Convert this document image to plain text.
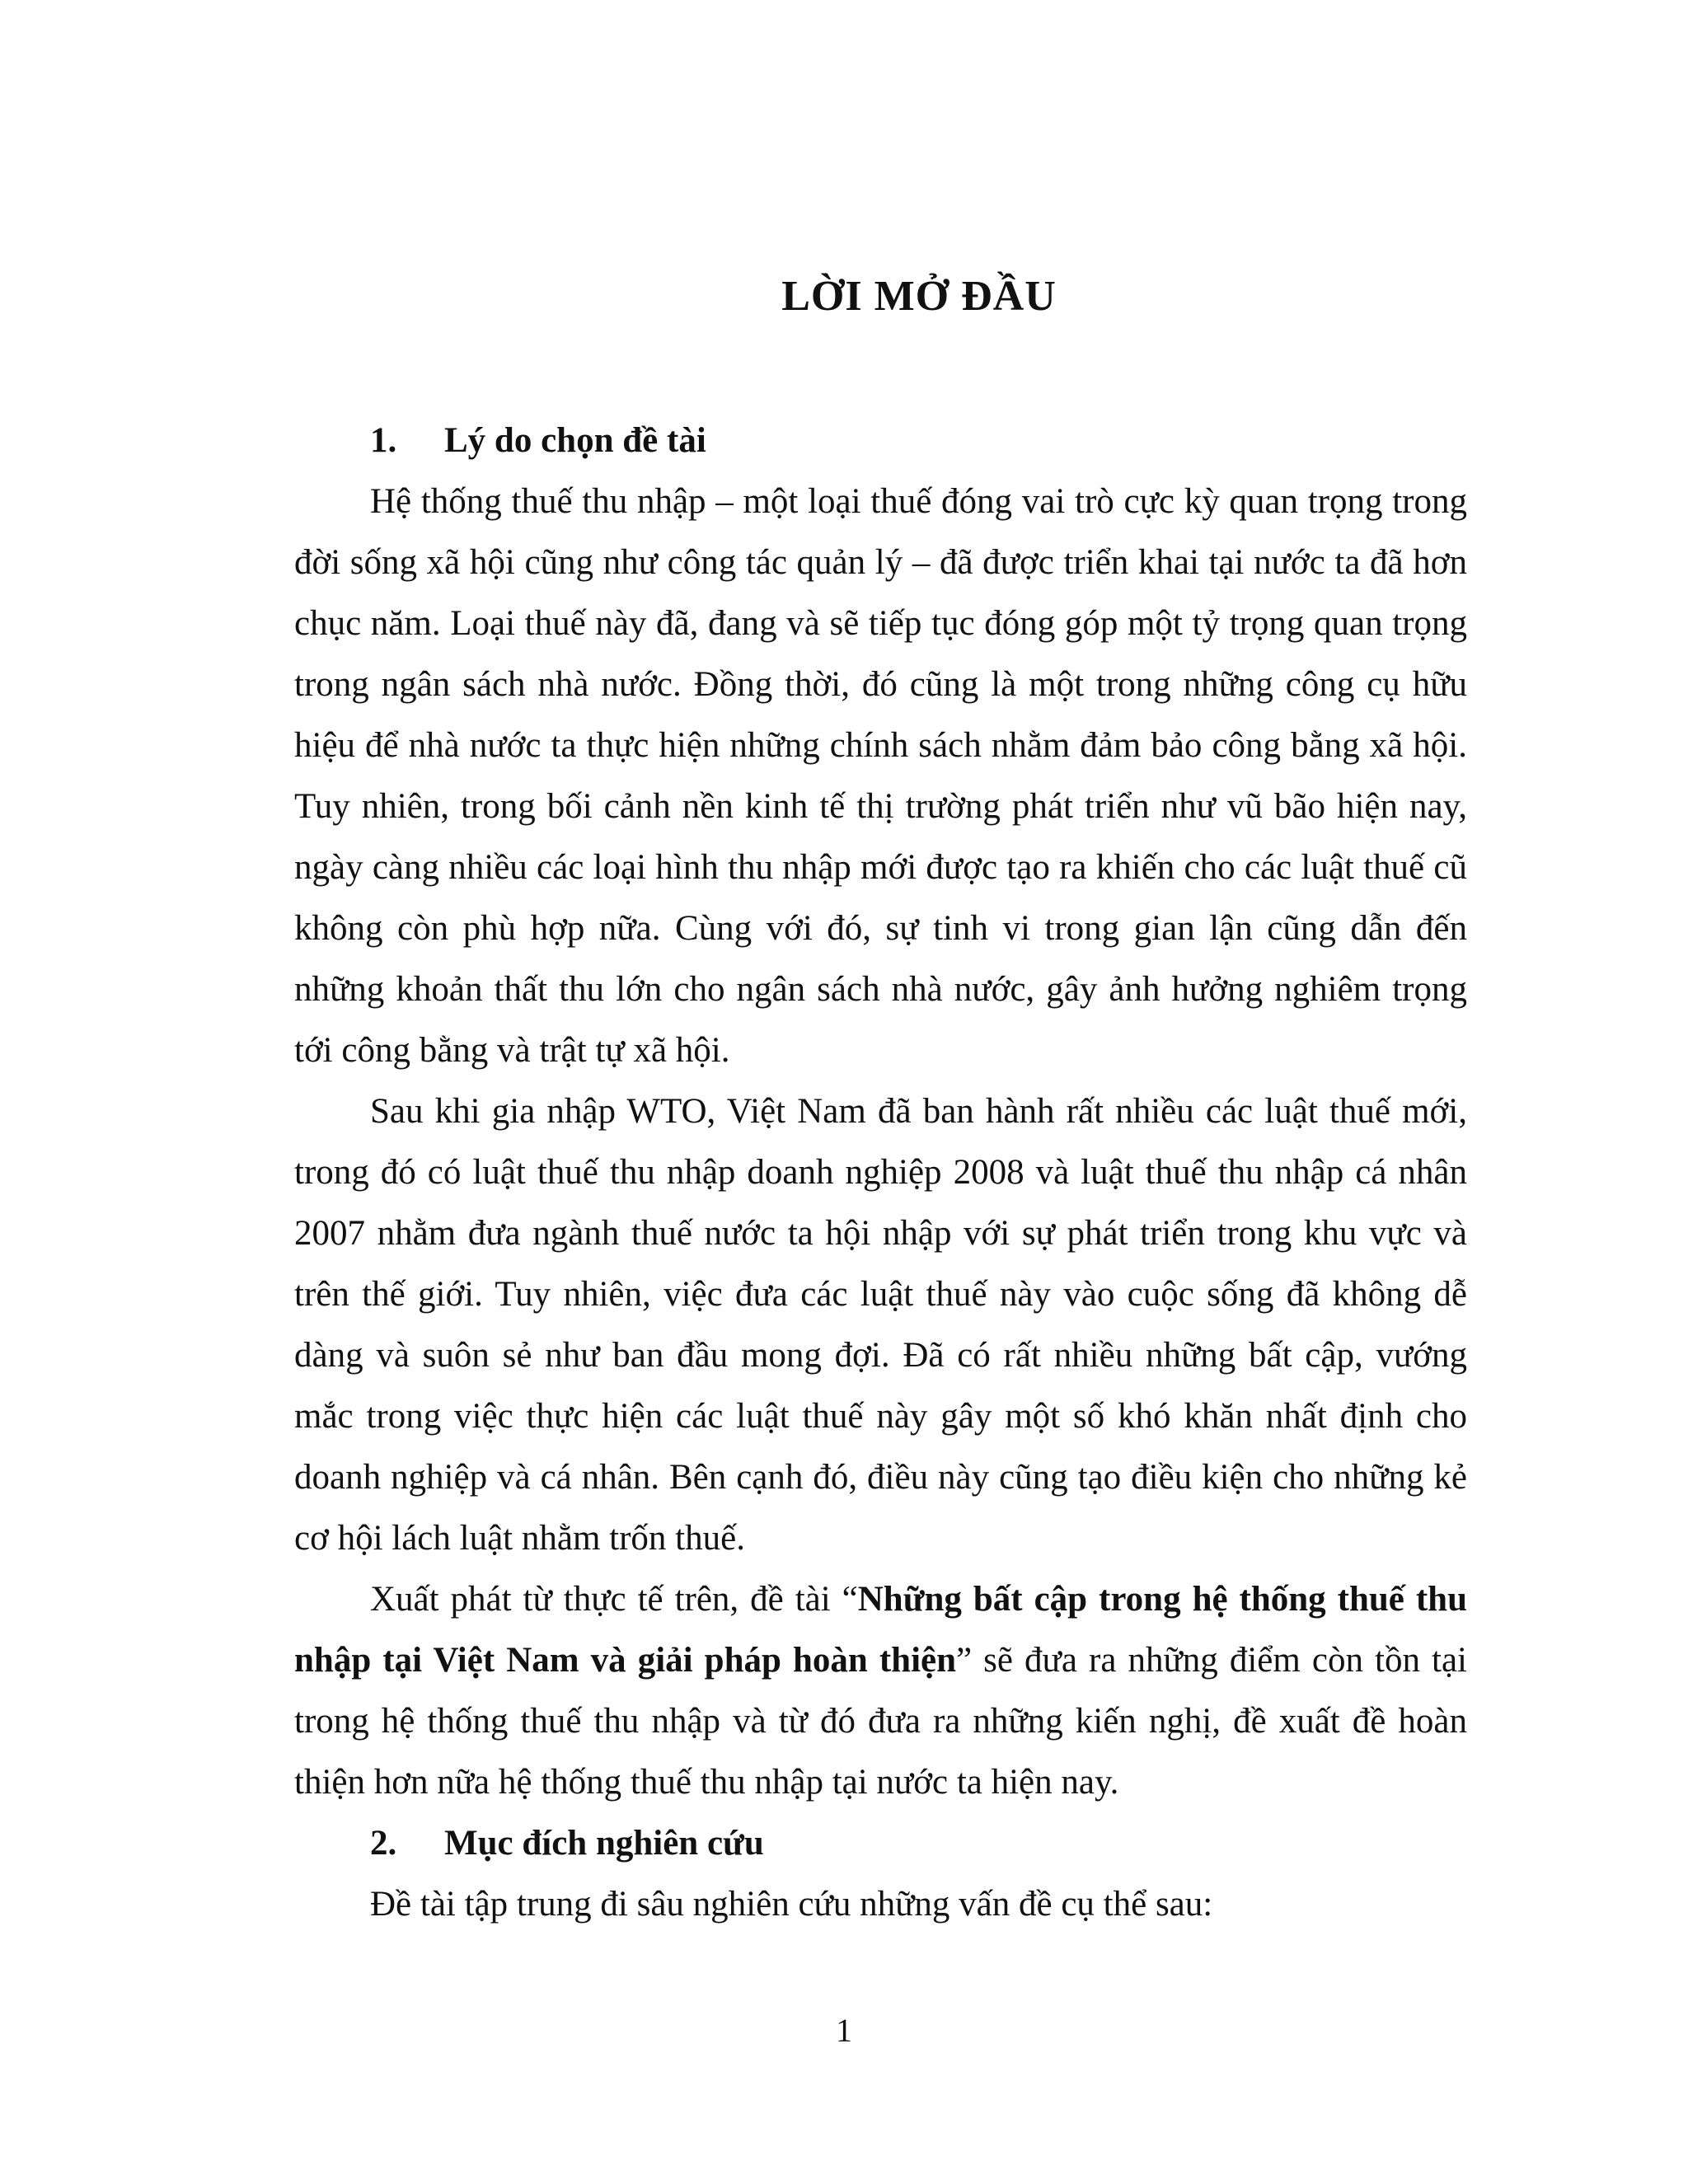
LỜI MỞ ĐẦU
1. Lý do chọn đề tài

Hệ thống thuế thu nhập – một loại thuế đóng vai trò cực kỳ quan trọng trong đời sống xã hội cũng như công tác quản lý – đã được triển khai tại nước ta đã hơn chục năm. Loại thuế này đã, đang và sẽ tiếp tục đóng góp một tỷ trọng quan trọng trong ngân sách nhà nước. Đồng thời, đó cũng là một trong những công cụ hữu hiệu để nhà nước ta thực hiện những chính sách nhằm đảm bảo công bằng xã hội. Tuy nhiên, trong bối cảnh nền kinh tế thị trường phát triển như vũ bão hiện nay, ngày càng nhiều các loại hình thu nhập mới được tạo ra khiến cho các luật thuế cũ không còn phù hợp nữa. Cùng với đó, sự tinh vi trong gian lận cũng dẫn đến những khoản thất thu lớn cho ngân sách nhà nước, gây ảnh hưởng nghiêm trọng tới công bằng và trật tự xã hội.

Sau khi gia nhập WTO, Việt Nam đã ban hành rất nhiều các luật thuế mới, trong đó có luật thuế thu nhập doanh nghiệp 2008 và luật thuế thu nhập cá nhân 2007 nhằm đưa ngành thuế nước ta hội nhập với sự phát triển trong khu vực và trên thế giới. Tuy nhiên, việc đưa các luật thuế này vào cuộc sống đã không dễ dàng và suôn sẻ như ban đầu mong đợi. Đã có rất nhiều những bất cập, vướng mắc trong việc thực hiện các luật thuế này gây một số khó khăn nhất định cho doanh nghiệp và cá nhân. Bên cạnh đó, điều này cũng tạo điều kiện cho những kẻ cơ hội lách luật nhằm trốn thuế.

Xuất phát từ thực tế trên, đề tài “Những bất cập trong hệ thống thuế thu nhập tại Việt Nam và giải pháp hoàn thiện” sẽ đưa ra những điểm còn tồn tại trong hệ thống thuế thu nhập và từ đó đưa ra những kiến nghị, đề xuất đề hoàn thiện hơn nữa hệ thống thuế thu nhập tại nước ta hiện nay.

2. Mục đích nghiên cứu

Đề tài tập trung đi sâu nghiên cứu những vấn đề cụ thể sau:

1
